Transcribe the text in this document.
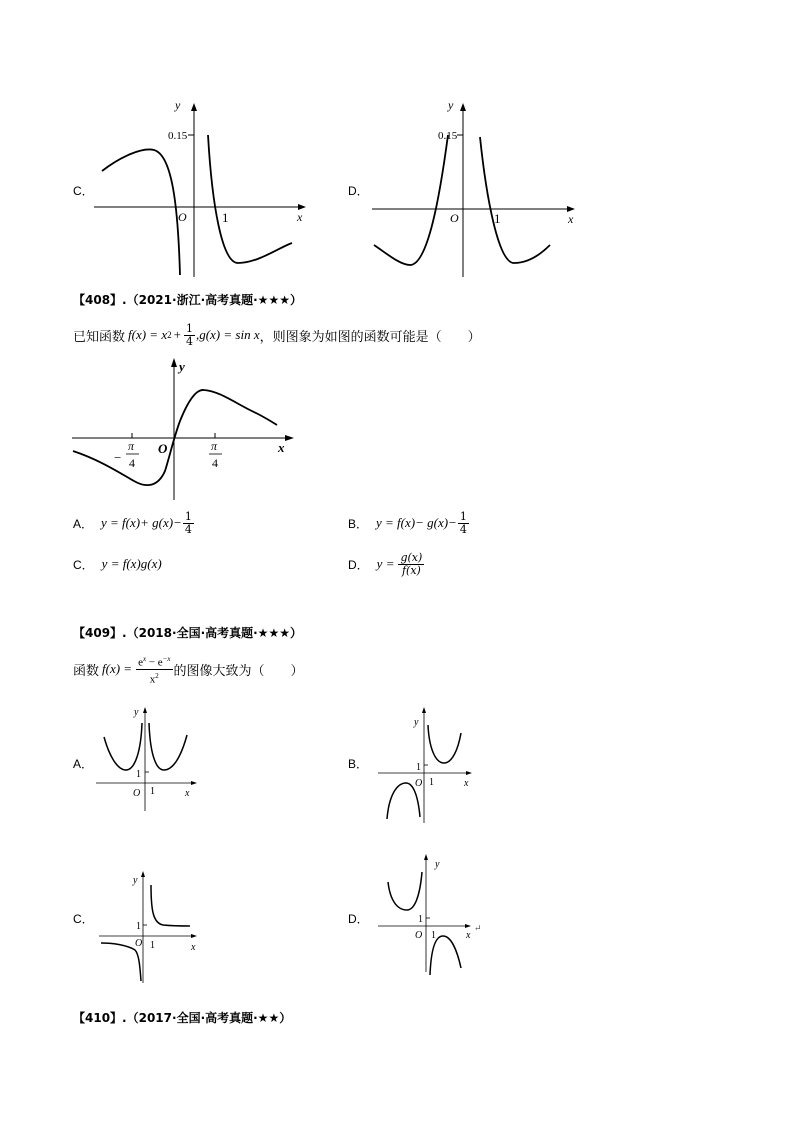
C．
y
0.15
O	1	x
D．
y
0.15
O	1	x
【408】.（2021·浙江·高考真题·★★★）
已知函数 f(x) = x $2 + \frac{1}{4} ,g(x) = \sin x$ ，则图象为如图的函数可能是（　　）
y
O	x
−
π
4
π
4
A． $y = f(x)+ g(x)- \frac{1}{4}$	B． $y = f(x)- g(x)- \frac{1}{4}$
C． y = f(x)g(x)	D． $y = \frac{g(x)}{f(x)}$
【409】.（2018·全国·高考真题·★★★）
函数 $f(x) = \frac{e^x - e^{-x}}{x^2}$ 的图像大致为（　　）
A．
y
1
O 1	x
B．
y
1
O 1	x
C．
y
1
O 1	x
D．
y
1
O 1	x
↵
【410】.（2017·全国·高考真题·★★）
